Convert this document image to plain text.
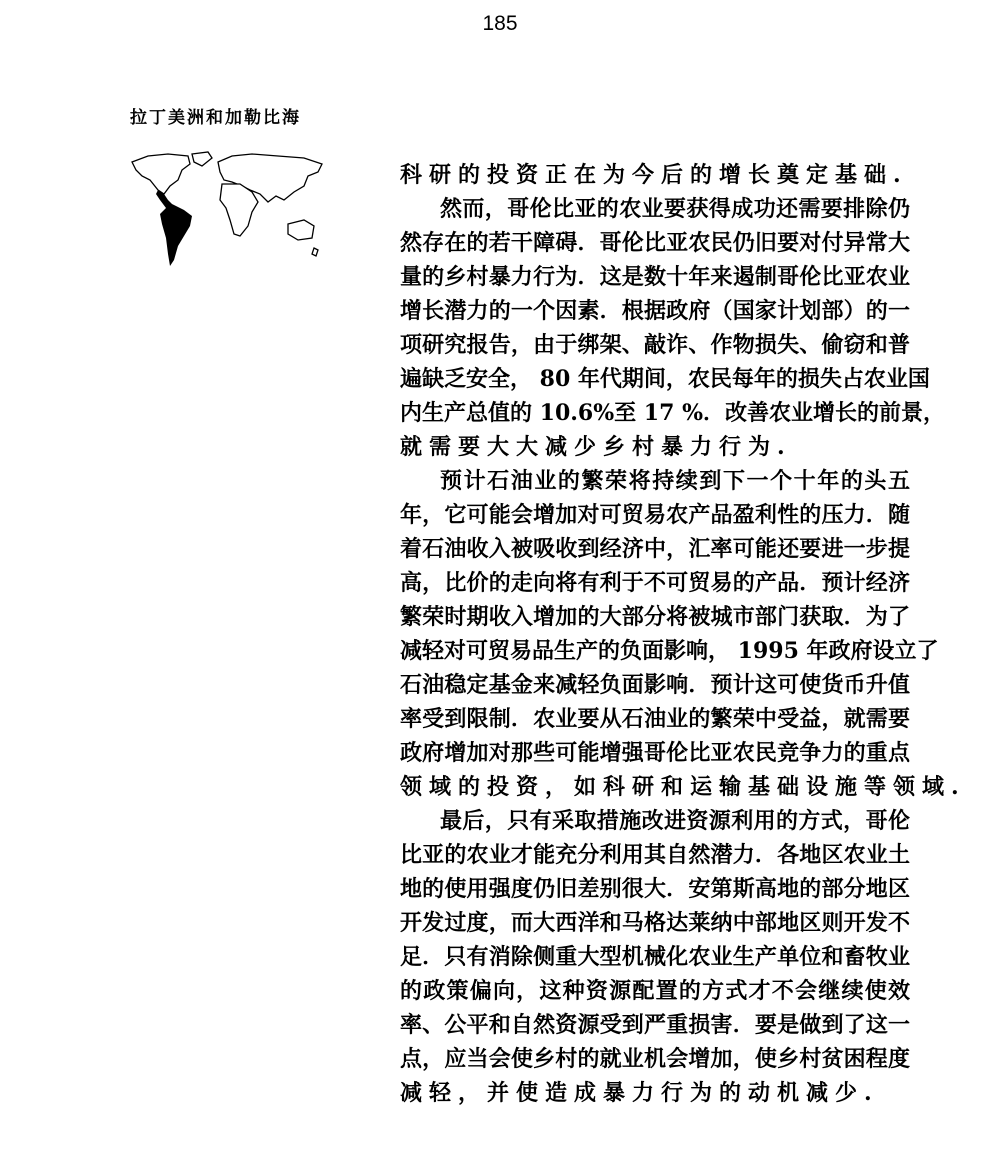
185
拉丁美洲和加勒比海
科研的投资正在为今后的增长奠定基础.
然而，哥伦比亚的农业要获得成功还需要排除仍
然存在的若干障碍．哥伦比亚农民仍旧要对付异常大
量的乡村暴力行为．这是数十年来遏制哥伦比亚农业
增长潜力的一个因素．根据政府（国家计划部）的一
项研究报告，由于绑架、敲诈、作物损失、偷窃和普
遍缺乏安全， 80 年代期间，农民每年的损失占农业国
内生产总值的 10.6%至 17 %．改善农业增长的前景，
就需要大大减少乡村暴力行为.
预计石油业的繁荣将持续到下一个十年的头五
年，它可能会增加对可贸易农产品盈利性的压力．随
着石油收入被吸收到经济中，汇率可能还要进一步提
高，比价的走向将有利于不可贸易的产品．预计经济
繁荣时期收入增加的大部分将被城市部门获取．为了
减轻对可贸易品生产的负面影响， 1995 年政府设立了
石油稳定基金来减轻负面影响．预计这可使货币升值
率受到限制．农业要从石油业的繁荣中受益，就需要
政府增加对那些可能增强哥伦比亚农民竞争力的重点
领域的投资，如科研和运输基础设施等领域.
最后，只有采取措施改进资源利用的方式，哥伦
比亚的农业才能充分利用其自然潜力．各地区农业土
地的使用强度仍旧差别很大．安第斯高地的部分地区
开发过度，而大西洋和马格达莱纳中部地区则开发不
足．只有消除侧重大型机械化农业生产单位和畜牧业
的政策偏向，这种资源配置的方式才不会继续使效
率、公平和自然资源受到严重损害．要是做到了这一
点，应当会使乡村的就业机会增加，使乡村贫困程度
减轻，并使造成暴力行为的动机减少.
